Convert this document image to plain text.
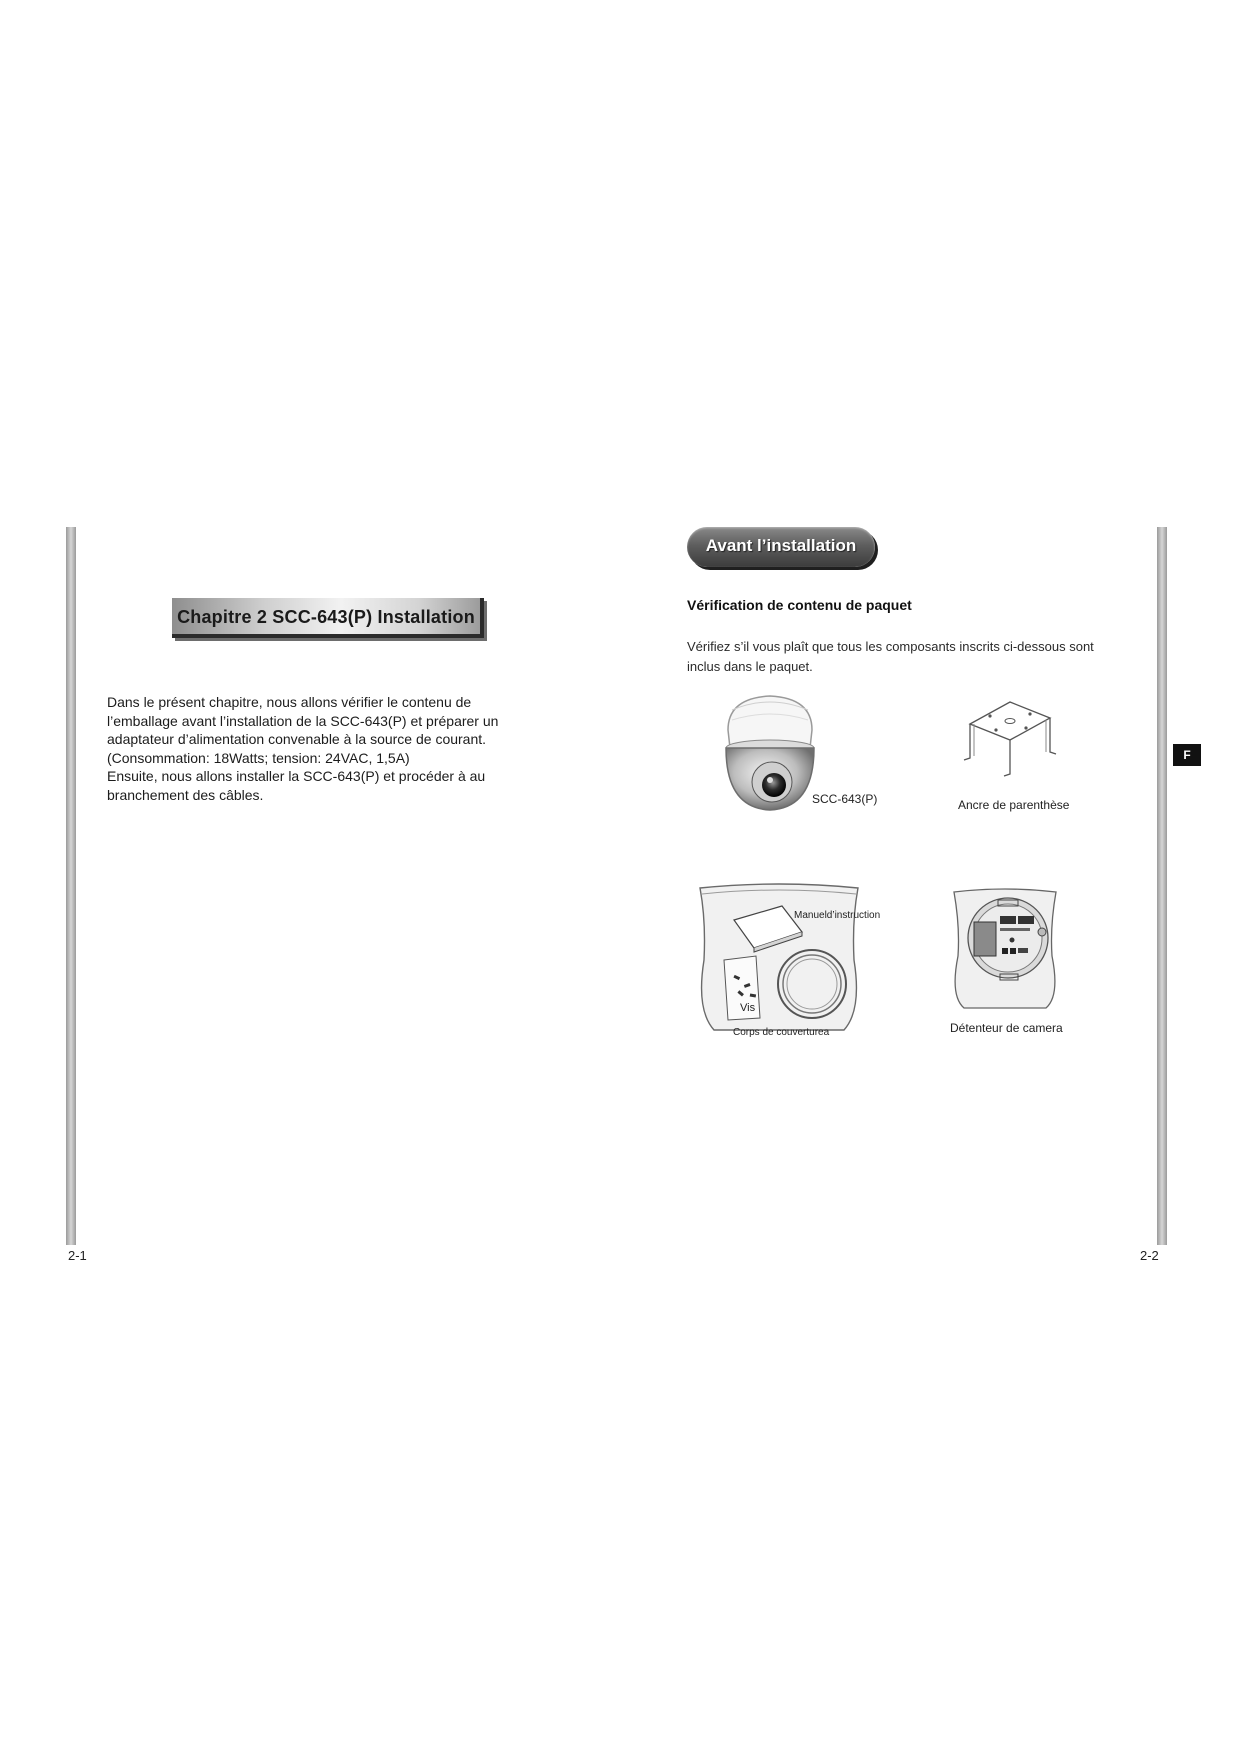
Chapitre 2 SCC-643(P) Installation
Dans le présent chapitre, nous allons vérifier le contenu de
l’emballage avant l’installation de la SCC-643(P) et préparer un
adaptateur d’alimentation convenable à la source de courant.
(Consommation: 18Watts; tension: 24VAC, 1,5A)
Ensuite, nous allons installer la SCC-643(P) et procéder à au
branchement des câbles.
2-1
Avant l’installation
Vérification de contenu de paquet
Vérifiez s’il vous plaît que tous les composants inscrits ci-dessous sont
inclus dans le paquet.
F
SCC-643(P)	Ancre de parenthèse
Manueld’instruction
Vis
Corps de couverturea	Détenteur de camera
2-2
